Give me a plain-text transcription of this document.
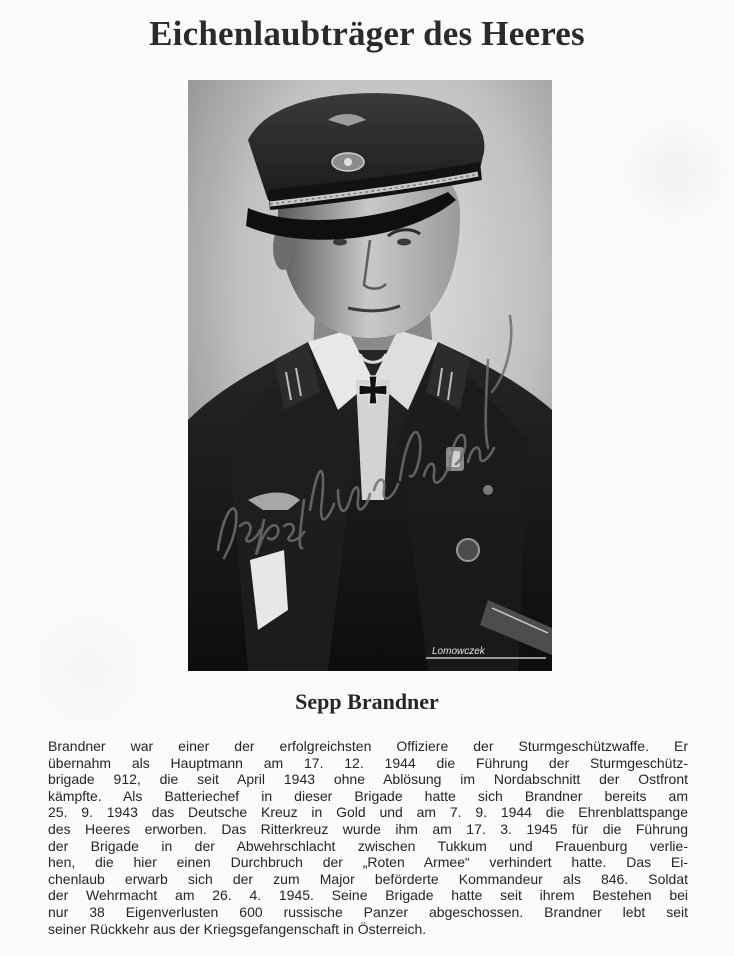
Eichenlaubträger des Heeres
Lomowczek
Sepp Brandner
Brandner war einer der erfolgreichsten Offiziere der Sturmgeschützwaffe. Er
übernahm als Hauptmann am 17. 12. 1944 die Führung der Sturmgeschütz-
brigade 912, die seit April 1943 ohne Ablösung im Nordabschnitt der Ostfront
kämpfte. Als Batteriechef in dieser Brigade hatte sich Brandner bereits am
25. 9. 1943 das Deutsche Kreuz in Gold und am 7. 9. 1944 die Ehrenblattspange
des Heeres erworben. Das Ritterkreuz wurde ihm am 17. 3. 1945 für die Führung
der Brigade in der Abwehrschlacht zwischen Tukkum und Frauenburg verlie-
hen, die hier einen Durchbruch der „Roten Armee“ verhindert hatte. Das Ei-
chenlaub erwarb sich der zum Major beförderte Kommandeur als 846. Soldat
der Wehrmacht am 26. 4. 1945. Seine Brigade hatte seit ihrem Bestehen bei
nur 38 Eigenverlusten 600 russische Panzer abgeschossen. Brandner lebt seit
seiner Rückkehr aus der Kriegsgefangenschaft in Österreich.
